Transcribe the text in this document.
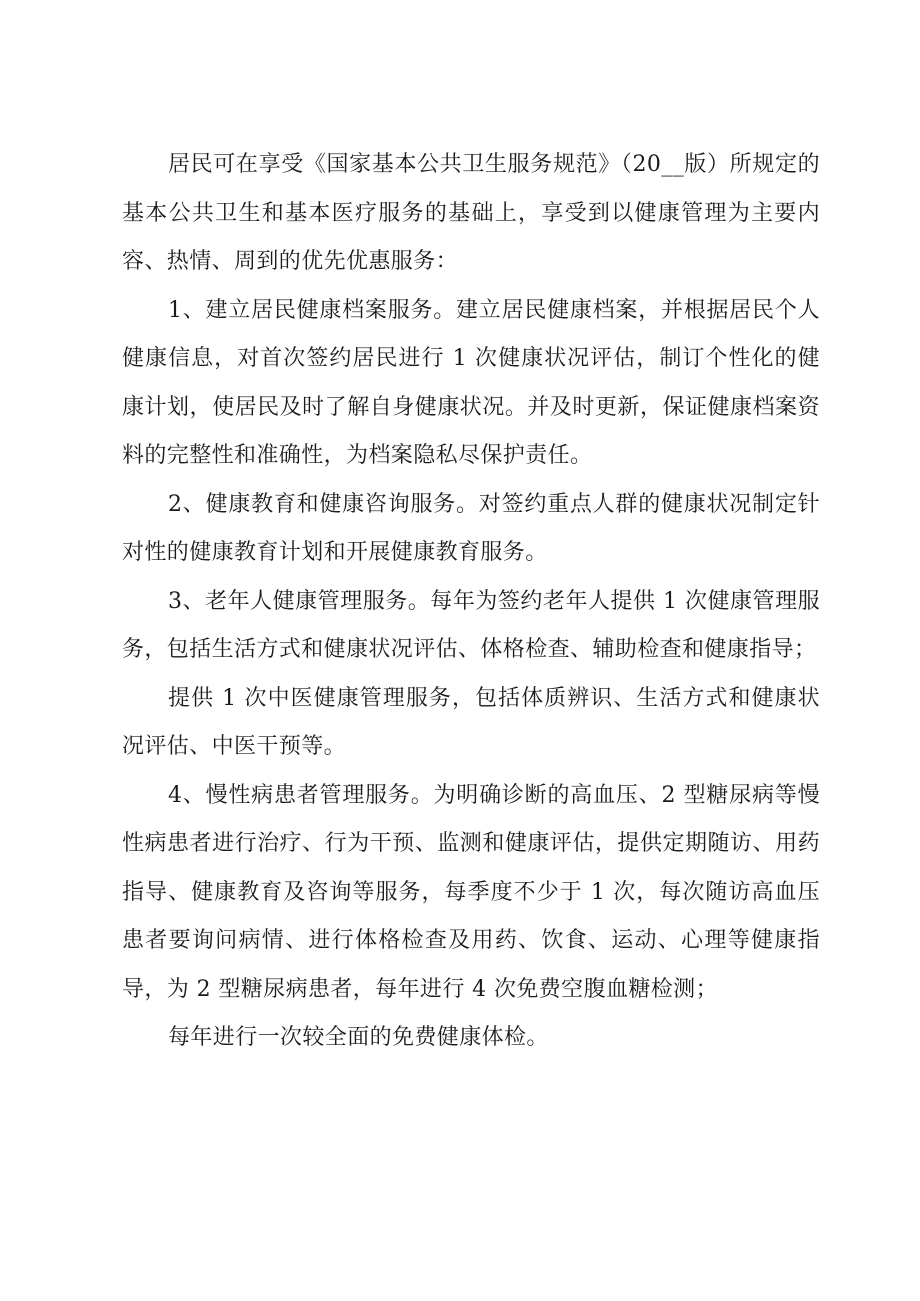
居民可在享受《国家基本公共卫生服务规范》（20__版）所规定的基本公共卫生和基本医疗服务的基础上，享受到以健康管理为主要内容、热情、周到的优先优惠服务：

1、建立居民健康档案服务。建立居民健康档案，并根据居民个人健康信息，对首次签约居民进行 1 次健康状况评估，制订个性化的健康计划，使居民及时了解自身健康状况。并及时更新，保证健康档案资料的完整性和准确性，为档案隐私尽保护责任。

2、健康教育和健康咨询服务。对签约重点人群的健康状况制定针对性的健康教育计划和开展健康教育服务。

3、老年人健康管理服务。每年为签约老年人提供 1 次健康管理服务，包括生活方式和健康状况评估、体格检查、辅助检查和健康指导；

提供 1 次中医健康管理服务，包括体质辨识、生活方式和健康状况评估、中医干预等。

4、慢性病患者管理服务。为明确诊断的高血压、2 型糖尿病等慢性病患者进行治疗、行为干预、监测和健康评估，提供定期随访、用药指导、健康教育及咨询等服务，每季度不少于 1 次，每次随访高血压患者要询问病情、进行体格检查及用药、饮食、运动、心理等健康指导，为 2 型糖尿病患者，每年进行 4 次免费空腹血糖检测；

每年进行一次较全面的免费健康体检。
